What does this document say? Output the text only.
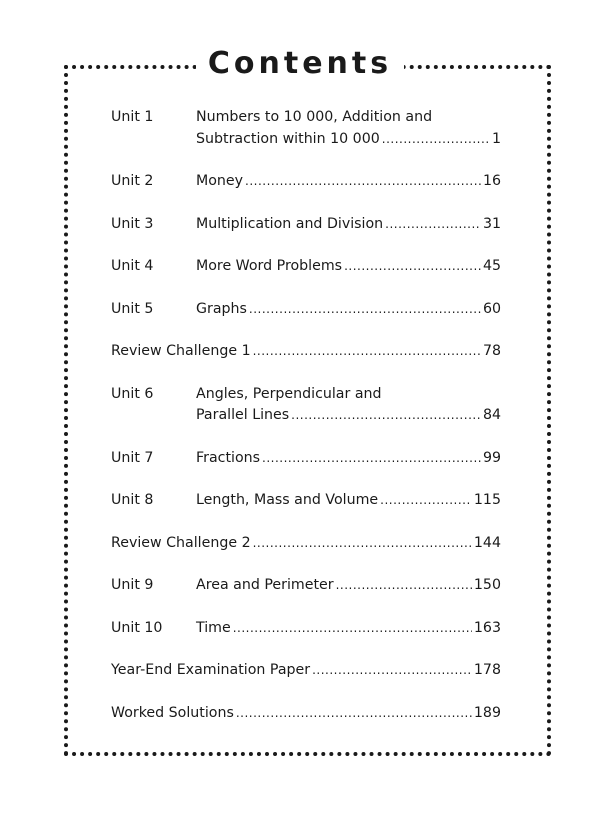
Contents
Unit 1	Numbers to 10 000, Addition and
Subtraction within 10 000 .....	1
Unit 2	Money .....	16
Unit 3	Multiplication and Division .....	31
Unit 4	More Word Problems .....	45
Unit 5	Graphs .....	60
Review Challenge 1 .....	78
Unit 6	Angles, Perpendicular and
Parallel Lines .....	84
Unit 7	Fractions .....	99
Unit 8	Length, Mass and Volume .....	115
Review Challenge 2 .....	144
Unit 9	Area and Perimeter .....	150
Unit 10	Time .....	163
Year-End Examination Paper .....	178
Worked Solutions .....	189
